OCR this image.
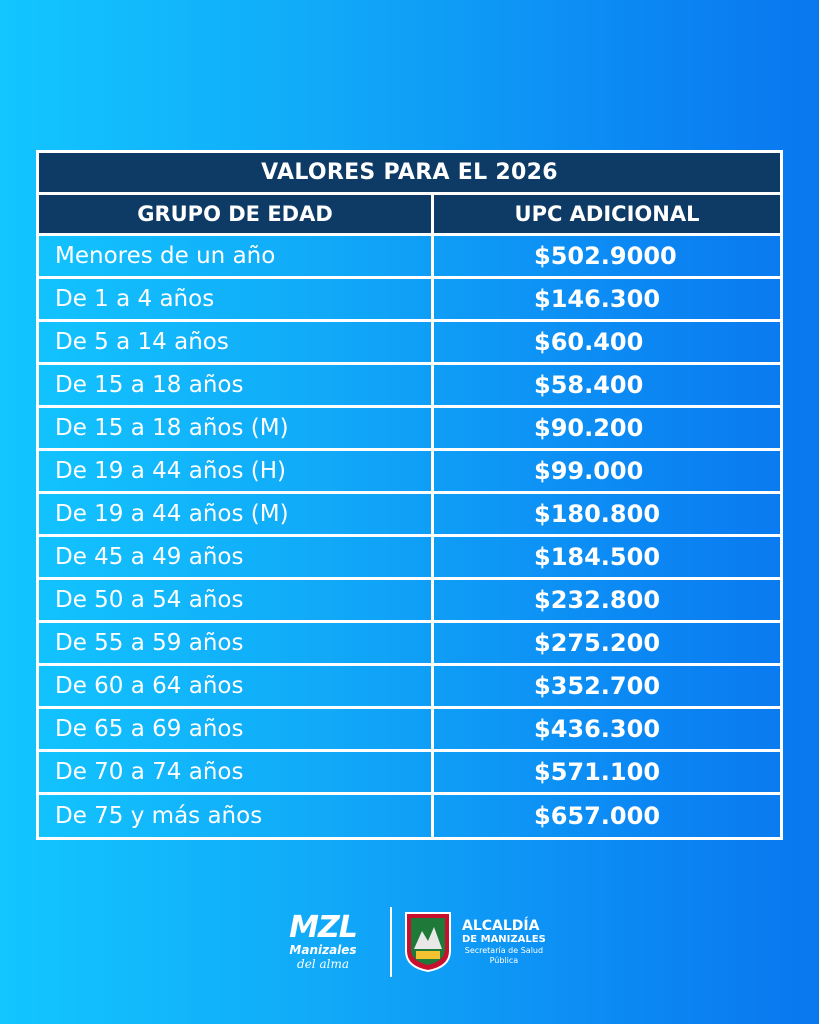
VALORES PARA EL 2026
GRUPO DE EDAD	UPC ADICIONAL
Menores de un año	$502.9000
De 1 a 4 años	$146.300
De 5 a 14 años	$60.400
De 15 a 18 años	$58.400
De 15 a 18 años (M)	$90.200
De 19 a 44 años (H)	$99.000
De 19 a 44 años (M)	$180.800
De 45 a 49 años	$184.500
De 50 a 54 años	$232.800
De 55 a 59 años	$275.200
De 60 a 64 años	$352.700
De 65 a 69 años	$436.300
De 70 a 74 años	$571.100
De 75 y más años	$657.000
MZL
Manizales
del alma
ALCALDÍA
DE MANIZALES
Secretaría de Salud
Pública
